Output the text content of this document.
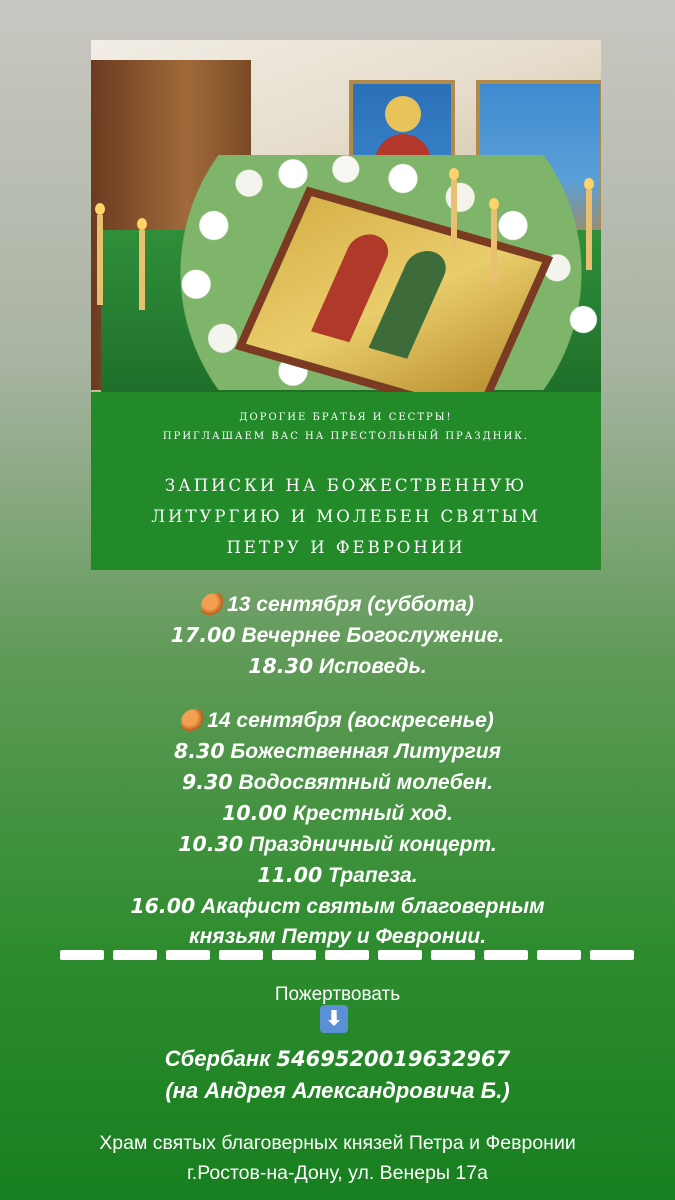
ДОРОГИЕ БРАТЬЯ И СЕСТРЫ!
ПРИГЛАШАЕМ ВАС НА ПРЕСТОЛЬНЫЙ ПРАЗДНИК.
ЗАПИСКИ НА БОЖЕСТВЕННУЮ
ЛИТУРГИЮ И МОЛЕБЕН СВЯТЫМ
ПЕТРУ И ФЕВРОНИИ
13 сентября (суббота)
17.00 Вечернее Богослужение.
18.30 Исповедь.
14 сентября (воскресенье)
8.30 Божественная Литургия
9.30 Водосвятный молебен.
10.00 Крестный ход.
10.30 Праздничный концерт.
11.00 Трапеза.
16.00 Акафист святым благоверным
князьям Петру и Февронии.
Пожертвовать
⬇
Сбербанк 5469520019632967
(на Андрея Александровича Б.)
Храм святых благоверных князей Петра и Февронии
г.Ростов-на-Дону, ул. Венеры 17а
